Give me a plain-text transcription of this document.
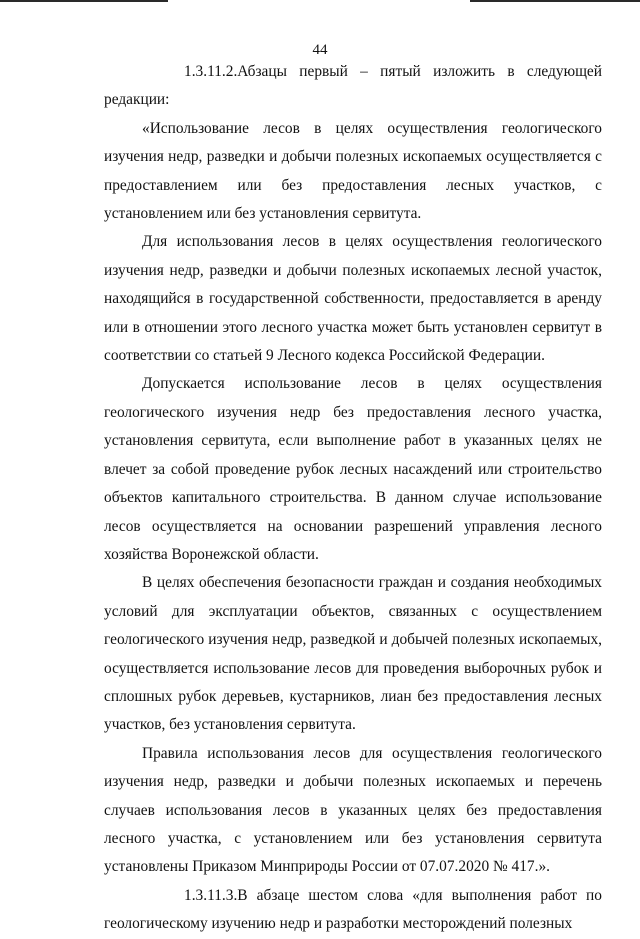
44

1.3.11.2.Абзацы первый – пятый изложить в следующей редакции:

«Использование лесов в целях осуществления геологического изучения недр, разведки и добычи полезных ископаемых осуществляется с предоставлением или без предоставления лесных участков, с установлением или без установления сервитута.

Для использования лесов в целях осуществления геологического изучения недр, разведки и добычи полезных ископаемых лесной участок, находящийся в государственной собственности, предоставляется в аренду или в отношении этого лесного участка может быть установлен сервитут в соответствии со статьей 9 Лесного кодекса Российской Федерации.

Допускается использование лесов в целях осуществления геологического изучения недр без предоставления лесного участка, установления сервитута, если выполнение работ в указанных целях не влечет за собой проведение рубок лесных насаждений или строительство объектов капитального строительства. В данном случае использование лесов осуществляется на основании разрешений управления лесного хозяйства Воронежской области.

В целях обеспечения безопасности граждан и создания необходимых условий для эксплуатации объектов, связанных с осуществлением геологического изучения недр, разведкой и добычей полезных ископаемых, осуществляется использование лесов для проведения выборочных рубок и сплошных рубок деревьев, кустарников, лиан без предоставления лесных участков, без установления сервитута.

Правила использования лесов для осуществления геологического изучения недр, разведки и добычи полезных ископаемых и перечень случаев использования лесов в указанных целях без предоставления лесного участка, с установлением или без установления сервитута установлены Приказом Минприроды России от 07.07.2020 № 417.».

1.3.11.3.В абзаце шестом слова «для выполнения работ по геологическому изучению недр и разработки месторождений полезных
